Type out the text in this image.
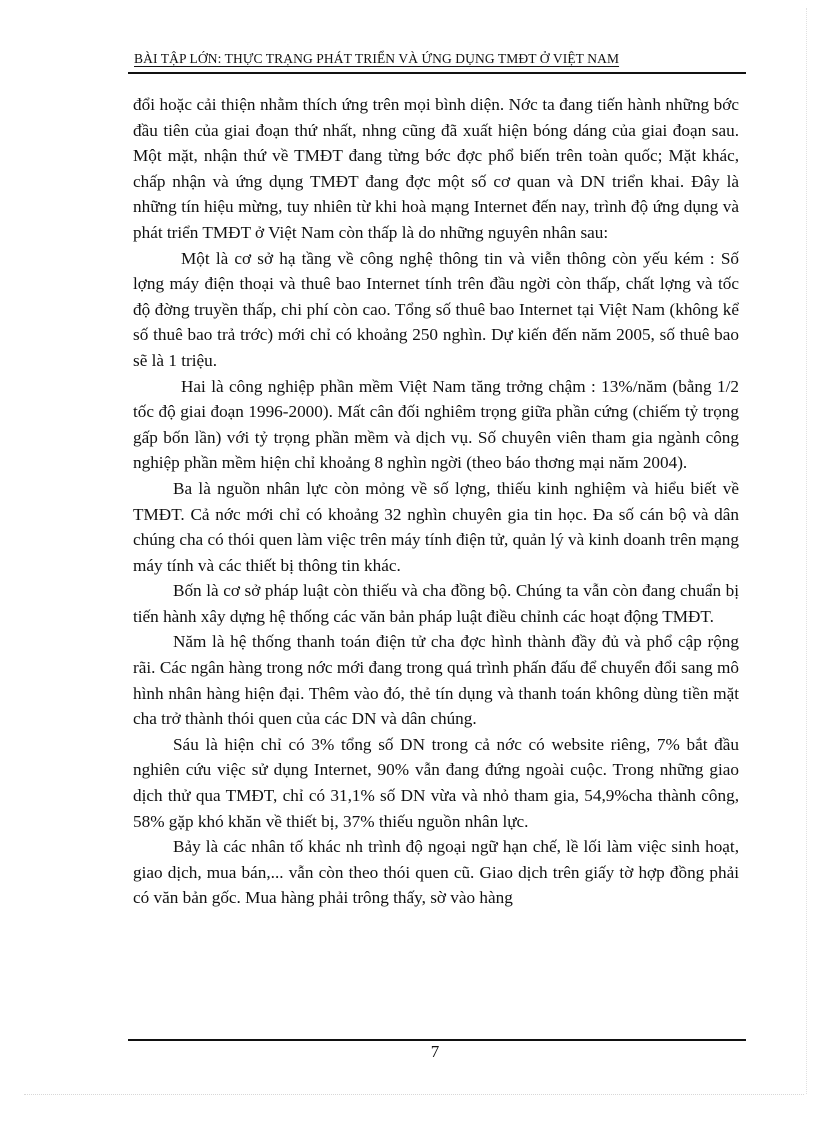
BÀI TẬP LỚN: THỰC TRẠNG PHÁT TRIỂN VÀ ỨNG DỤNG TMĐT Ở VIỆT NAM

đổi hoặc cải thiện nhằm thích ứng trên mọi bình diện. Nớc ta đang tiến hành những bớc đầu tiên của giai đoạn thứ nhất, nhng cũng đã xuất hiện bóng dáng của giai đoạn sau. Một mặt, nhận thứ về TMĐT đang từng bớc đợc phổ biến trên toàn quốc; Mặt khác, chấp nhận và ứng dụng TMĐT đang đợc một số cơ quan và DN triển khai. Đây là những tín hiệu mừng, tuy nhiên từ khi hoà mạng Internet đến nay, trình độ ứng dụng và phát triển TMĐT ở Việt Nam còn thấp là do những nguyên nhân sau:

Một là cơ sở hạ tầng về công nghệ thông tin và viễn thông còn yếu kém : Số lợng máy điện thoại và thuê bao Internet tính trên đầu ngời còn thấp, chất lợng và tốc độ đờng truyền thấp, chi phí còn cao. Tổng số thuê bao Internet tại Việt Nam (không kể số thuê bao trả trớc) mới chỉ có khoảng 250 nghìn. Dự kiến đến năm 2005, số thuê bao sẽ là 1 triệu.

Hai là công nghiệp phần mềm Việt Nam tăng trởng chậm : 13%/năm (bằng 1/2 tốc độ giai đoạn 1996-2000). Mất cân đối nghiêm trọng giữa phần cứng (chiếm tỷ trọng gấp bốn lần) với tỷ trọng phần mềm và dịch vụ. Số chuyên viên tham gia ngành công nghiệp phần mềm hiện chỉ khoảng 8 nghìn ngời (theo báo thơng mại năm 2004).

Ba là nguồn nhân lực còn mỏng về số lợng, thiếu kinh nghiệm và hiểu biết về TMĐT. Cả nớc mới chỉ có khoảng 32 nghìn chuyên gia tin học. Đa số cán bộ và dân chúng cha có thói quen làm việc trên máy tính điện tử, quản lý và kinh doanh trên mạng máy tính và các thiết bị thông tin khác.

Bốn là cơ sở pháp luật còn thiếu và cha đồng bộ. Chúng ta vẫn còn đang chuẩn bị tiến hành xây dựng hệ thống các văn bản pháp luật điều chỉnh các hoạt động TMĐT.

Năm là hệ thống thanh toán điện tử cha đợc hình thành đầy đủ và phổ cập rộng rãi. Các ngân hàng trong nớc mới đang trong quá trình phấn đấu để chuyển đổi sang mô hình nhân hàng hiện đại. Thêm vào đó, thẻ tín dụng và thanh toán không dùng tiền mặt cha trở thành thói quen của các DN và dân chúng.

Sáu là hiện chỉ có 3% tổng số DN trong cả nớc có website riêng, 7% bắt đầu nghiên cứu việc sử dụng Internet, 90% vẫn đang đứng ngoài cuộc. Trong những giao dịch thử qua TMĐT, chỉ có 31,1% số DN vừa và nhỏ tham gia, 54,9%cha thành công, 58% gặp khó khăn về thiết bị, 37% thiếu nguồn nhân lực.

Bảy là các nhân tố khác nh trình độ ngoại ngữ hạn chế, lề lối làm việc sinh hoạt, giao dịch, mua bán,... vẫn còn theo thói quen cũ. Giao dịch trên giấy tờ hợp đồng phải có văn bản gốc. Mua hàng phải trông thấy, sờ vào hàng

7
